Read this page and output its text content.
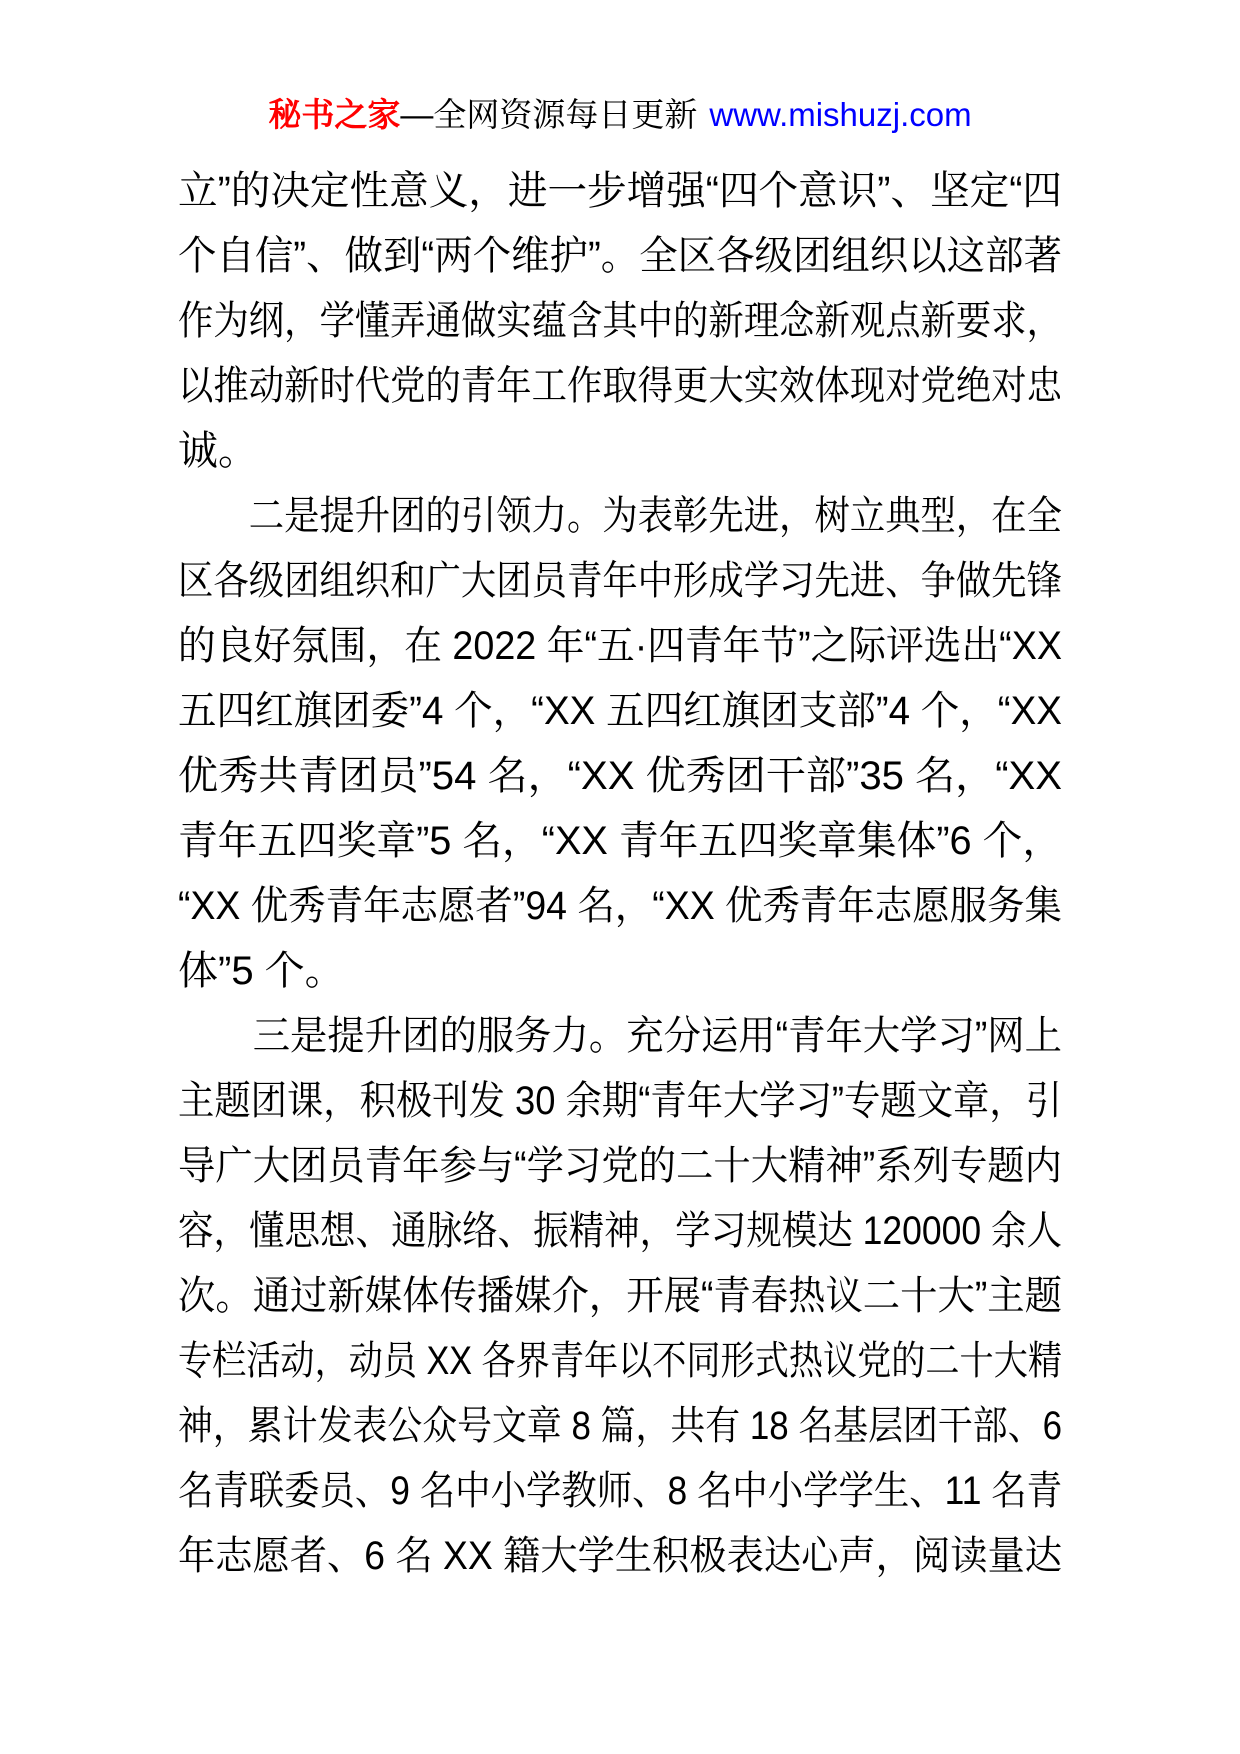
秘书之家—全网资源每日更新 www.mishuzj.com
立”的决定性意义，进一步增强“四个意识”、坚定“四
个自信”、做到“两个维护”。全区各级团组织以这部著
作为纲，学懂弄通做实蕴含其中的新理念新观点新要求，
以推动新时代党的青年工作取得更大实效体现对党绝对忠
诚。
　　二是提升团的引领力。为表彰先进，树立典型，在全
区各级团组织和广大团员青年中形成学习先进、争做先锋
的良好氛围，在 2022 年“五·四青年节”之际评选出“XX
五四红旗团委”4 个，“XX 五四红旗团支部”4 个，“XX
优秀共青团员”54 名，“XX 优秀团干部”35 名，“XX
青年五四奖章”5 名，“XX 青年五四奖章集体”6 个，
“XX 优秀青年志愿者”94 名，“XX 优秀青年志愿服务集
体”5 个。
　　三是提升团的服务力。充分运用“青年大学习”网上
主题团课，积极刊发 30 余期“青年大学习”专题文章，引
导广大团员青年参与“学习党的二十大精神”系列专题内
容，懂思想、通脉络、振精神，学习规模达 120000 余人
次。通过新媒体传播媒介，开展“青春热议二十大”主题
专栏活动，动员 XX 各界青年以不同形式热议党的二十大精
神，累计发表公众号文章 8 篇，共有 18 名基层团干部、6
名青联委员、9 名中小学教师、8 名中小学学生、11 名青
年志愿者、6 名 XX 籍大学生积极表达心声，阅读量达
